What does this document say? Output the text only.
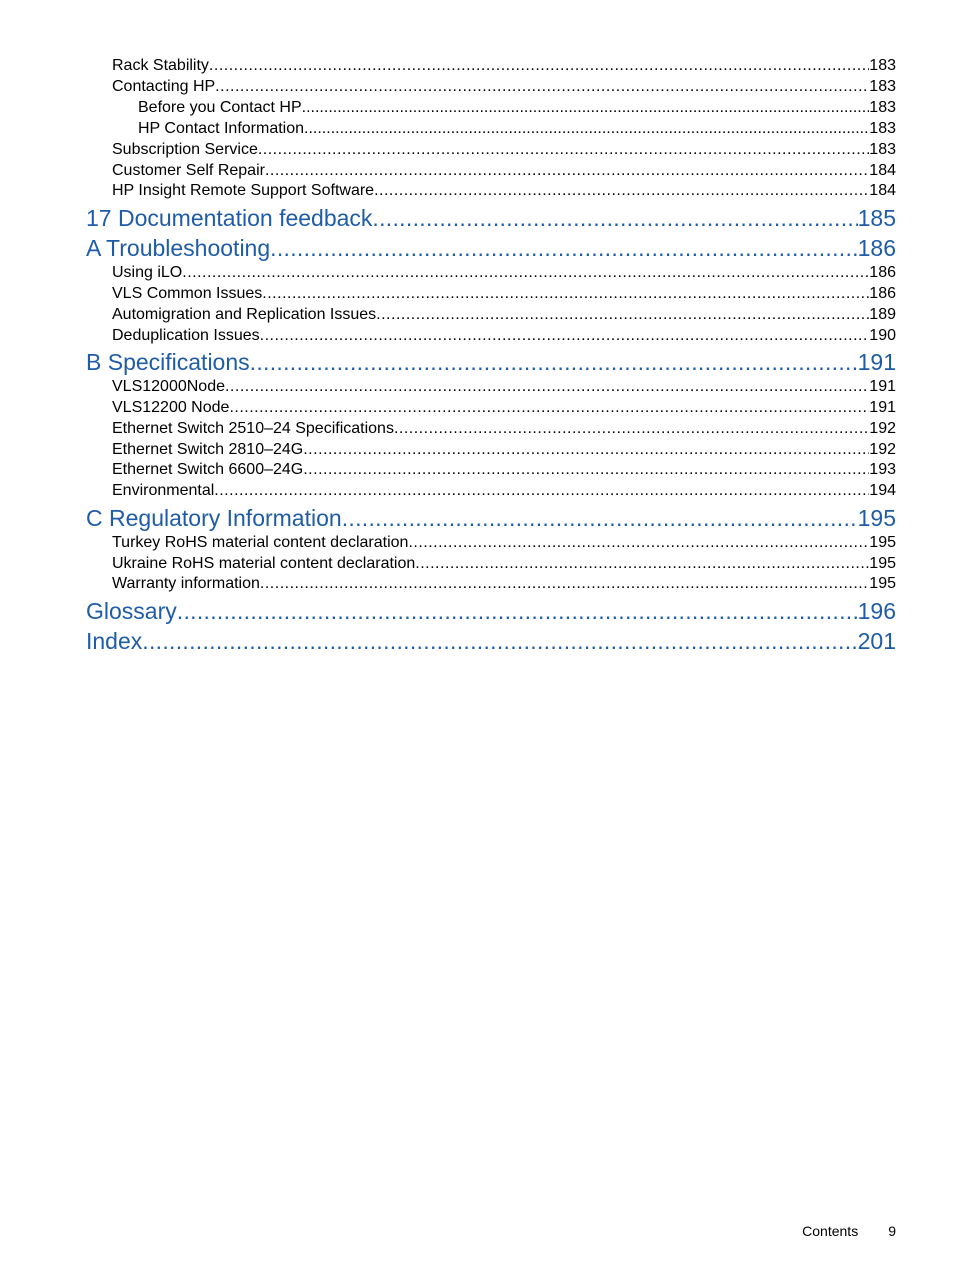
Rack Stability .....	183
Contacting HP .....	183
Before you Contact HP .....	183
HP Contact Information .....	183
Subscription Service .....	183
Customer Self Repair .....	184
HP Insight Remote Support Software .....	184
17 Documentation feedback .....	185
A Troubleshooting .....	186
Using iLO .....	186
VLS Common Issues .....	186
Automigration and Replication Issues .....	189
Deduplication Issues .....	190
B Specifications .....	191
VLS12000Node .....	191
VLS12200 Node .....	191
Ethernet Switch 2510–24 Specifications .....	192
Ethernet Switch 2810–24G .....	192
Ethernet Switch 6600–24G .....	193
Environmental .....	194
C Regulatory Information .....	195
Turkey RoHS material content declaration .....	195
Ukraine RoHS material content declaration .....	195
Warranty information .....	195
Glossary .....	196
Index .....	201
Contents 9
